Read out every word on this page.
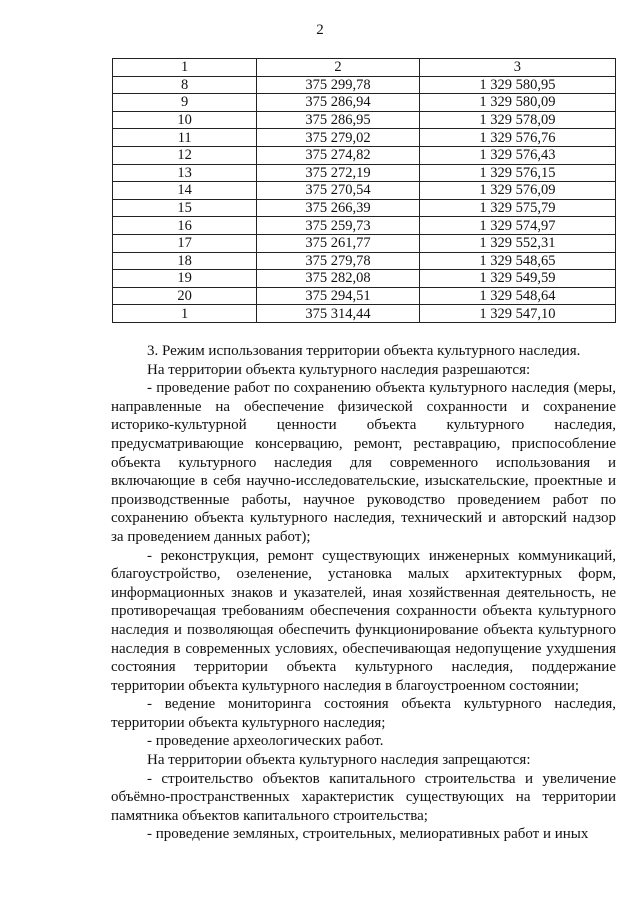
2
1	2	3
8	375 299,78	1 329 580,95
9	375 286,94	1 329 580,09
10	375 286,95	1 329 578,09
11	375 279,02	1 329 576,76
12	375 274,82	1 329 576,43
13	375 272,19	1 329 576,15
14	375 270,54	1 329 576,09
15	375 266,39	1 329 575,79
16	375 259,73	1 329 574,97
17	375 261,77	1 329 552,31
18	375 279,78	1 329 548,65
19	375 282,08	1 329 549,59
20	375 294,51	1 329 548,64
1	375 314,44	1 329 547,10

3. Режим использования территории объекта культурного наследия.

На территории объекта культурного наследия разрешаются:

- проведение работ по сохранению объекта культурного наследия (меры, направленные на обеспечение физической сохранности и сохранение историко-культурной ценности объекта культурного наследия, предусматривающие консервацию, ремонт, реставрацию, приспособление объекта культурного наследия для современного использования и включающие в себя научно-исследовательские, изыскательские, проектные и производственные работы, научное руководство проведением работ по сохранению объекта культурного наследия, технический и авторский надзор за проведением данных работ);

- реконструкция, ремонт существующих инженерных коммуникаций, благоустройство, озеленение, установка малых архитектурных форм, информационных знаков и указателей, иная хозяйственная деятельность, не противоречащая требованиям обеспечения сохранности объекта культурного наследия и позволяющая обеспечить функционирование объекта культурного наследия в современных условиях, обеспечивающая недопущение ухудшения состояния территории объекта культурного наследия, поддержание территории объекта культурного наследия в благоустроенном состоянии;

- ведение мониторинга состояния объекта культурного наследия, территории объекта культурного наследия;

- проведение археологических работ.

На территории объекта культурного наследия запрещаются:

- строительство объектов капитального строительства и увеличение объёмно-пространственных характеристик существующих на территории памятника объектов капитального строительства;

- проведение земляных, строительных, мелиоративных работ и иных
